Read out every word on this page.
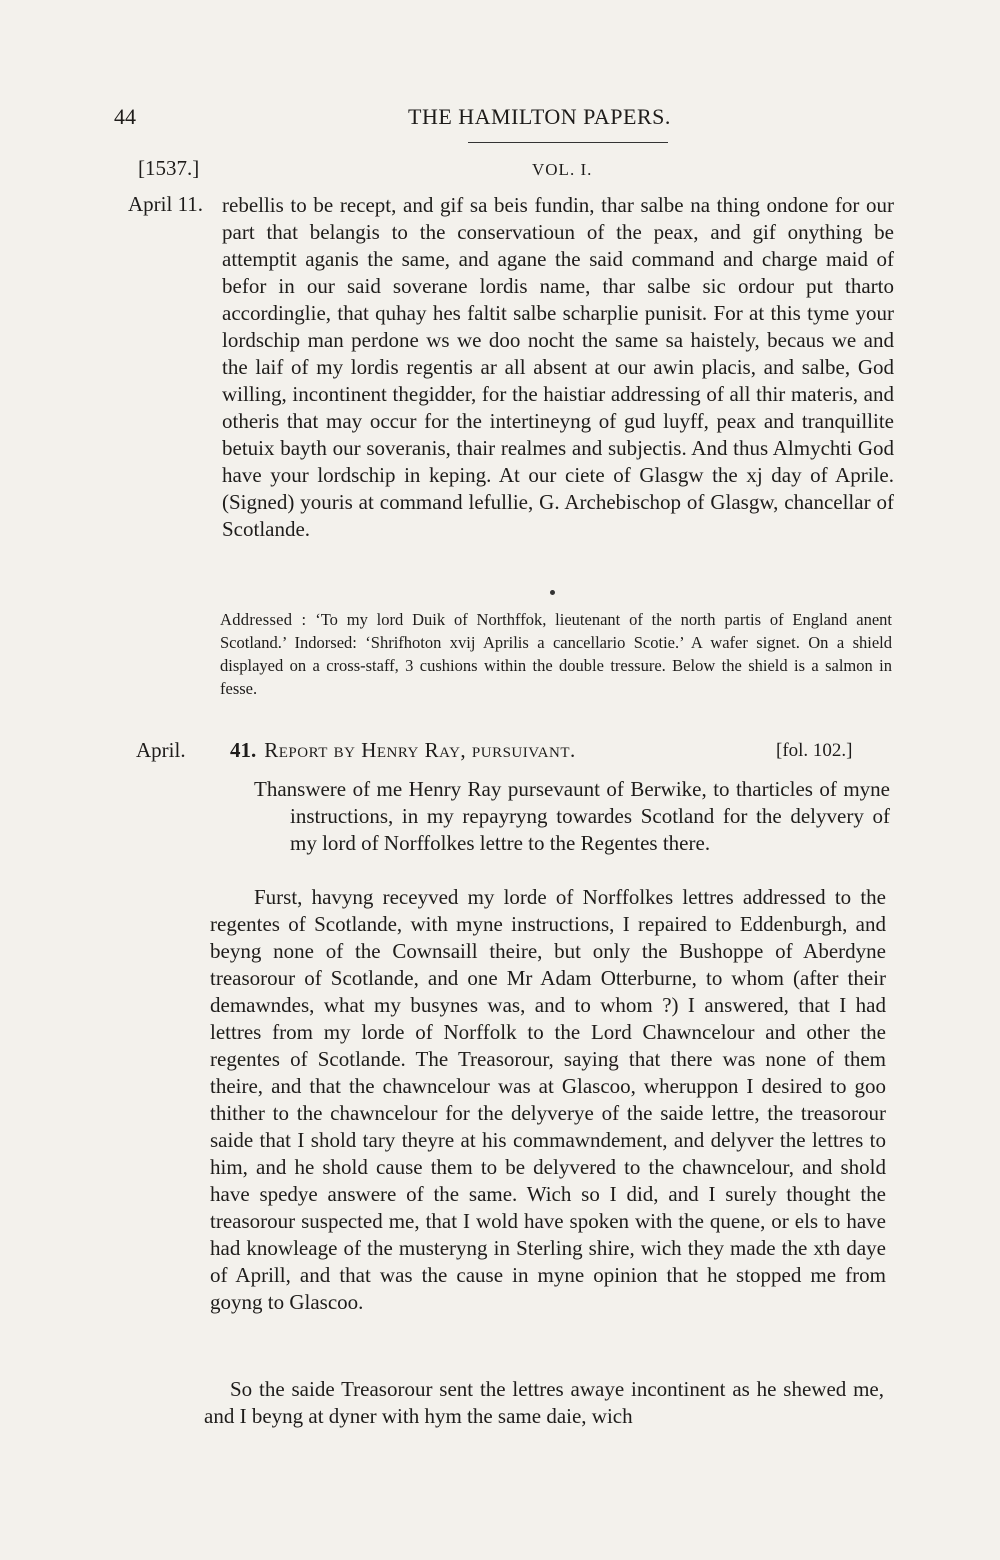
44	THE HAMILTON PAPERS.
[1537.]	VOL. I.
April 11. rebellis to be recept, and gif sa beis fundin, thar salbe na thing ondone for our part that belangis to the conservatioun of the peax, and gif onything be attemptit aganis the same, and agane the said command and charge maid of befor in our said soverane lordis name, thar salbe sic ordour put tharto accordinglie, that quhay hes faltit salbe scharplie punisit. For at this tyme your lordschip man perdone ws we doo nocht the same sa haistely, becaus we and the laif of my lordis regentis ar all absent at our awin placis, and salbe, God willing, incontinent thegidder, for the haistiar addressing of all thir materis, and otheris that may occur for the intertineyng of gud luyff, peax and tranquillite betuix bayth our soveranis, thair realmes and subjectis. And thus Almychti God have your lordschip in keping. At our ciete of Glasgw the xj day of Aprile. (Signed) youris at command lefullie, G. Archebischop of Glasgw, chancellar of Scotlande.
Addressed : ‘To my lord Duik of Northffok, lieutenant of the north partis of England anent Scotland.’ Indorsed: ‘Shrifhoton xvij Aprilis a cancellario Scotie.’ A wafer signet. On a shield displayed on a cross-staff, 3 cushions within the double tressure. Below the shield is a salmon in fesse.
April. 41. Report by Henry Ray, pursuivant.	[fol. 102.]
Thanswere of me Henry Ray pursevaunt of Berwike, to tharticles of myne instructions, in my repayryng towardes Scotland for the delyvery of my lord of Norffolkes lettre to the Regentes there.
Furst, havyng receyved my lorde of Norffolkes lettres addressed to the regentes of Scotlande, with myne instructions, I repaired to Eddenburgh, and beyng none of the Cownsaill theire, but only the Bushoppe of Aberdyne treasorour of Scotlande, and one Mr Adam Otterburne, to whom (after their demawndes, what my busynes was, and to whom ?) I answered, that I had lettres from my lorde of Norffolk to the Lord Chawncelour and other the regentes of Scotlande. The Treasorour, saying that there was none of them theire, and that the chawncelour was at Glascoo, wheruppon I desired to goo thither to the chawncelour for the delyverye of the saide lettre, the treasorour saide that I shold tary theyre at his commawndement, and delyver the lettres to him, and he shold cause them to be delyvered to the chawncelour, and shold have spedye answere of the same. Wich so I did, and I surely thought the treasorour suspected me, that I wold have spoken with the quene, or els to have had knowleage of the musteryng in Sterling shire, wich they made the xth daye of Aprill, and that was the cause in myne opinion that he stopped me from goyng to Glascoo.
So the saide Treasorour sent the lettres awaye incontinent as he shewed me, and I beyng at dyner with hym the same daie, wich
